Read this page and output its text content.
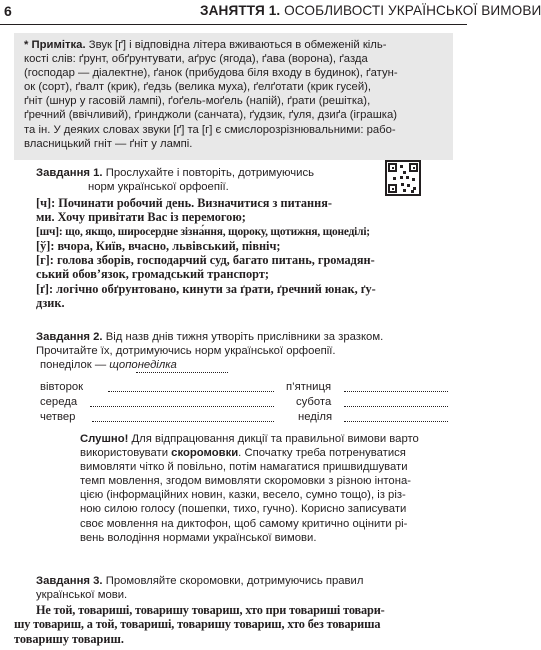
6	ЗАНЯТТЯ 1. ОСОБЛИВОСТІ УКРАЇНСЬКОЇ ВИМОВИ

* Примітка. Звук [ґ] і відповідна літера вживаються в обмеженій кіль-

кості слів: ґрунт, обґрунтувати, аґрус (ягода), ґава (ворона), ґазда

(господар — діалектне), ґанок (прибудова біля входу в будинок), ґатун-

ок (сорт), ґвалт (крик), ґедзь (велика муха), ґелґотати (крик гусей),

ґніт (шнур у гасовій лампі), ґоґель-моґель (напій), ґрати (решітка),

ґречний (ввічливий), ґринджоли (санчата), ґудзик, ґуля, дзиґа (іграшка)

та ін. У деяких словах звуки [ґ] та [г] є смислорозрізнювальними: рабо-

власницький гніт — ґніт у лампі.

Завдання 1. Прослухайте і повторіть, дотримуючись

норм української орфоепії.

[ч]: Починати робочий день. Визначитися з питання-

ми. Хочу привітати Вас із перемогою;

[шч]: що, якщо, широсердне зізна́ння, щороку, щотижня, щонеділі;

[ў]: вчора, Київ, вчасно, львівський, північ;

[г]: голова зборів, господарчий суд, багато питань, громадян-

ський обов’язок, громадський транспорт;

[ґ]: логічно обґрунтовано, кинути за ґрати, ґречний юнак, ґу-

дзик.

Завдання 2. Від назв днів тижня утворіть прислівники за зразком.

Прочитайте їх, дотримуючись норм української орфоепії.

понеділок — щопонеділка

вівторок	п’ятниця
середа	субота
четвер	неділя

Слушно! Для відпрацювання дикції та правильної вимови варто

використовувати скоромовки. Спочатку треба потренуватися

вимовляти чітко й повільно, потім намагатися пришвидшувати

темп мовлення, згодом вимовляти скоромовки з різною інтона-

цією (інформаційних новин, казки, весело, сумно тощо), із різ-

ною силою голосу (пошепки, тихо, гучно). Корисно записувати

своє мовлення на диктофон, щоб самому критично оцінити рі-

вень володіння нормами української вимови.

Завдання 3. Промовляйте скоромовки, дотримуючись правил

української мови.

Не той, товариші, товаришу товариш, хто при товариші товари-

шу товариш, а той, товариші, товаришу товариш, хто без товариша

товаришу товариш.
